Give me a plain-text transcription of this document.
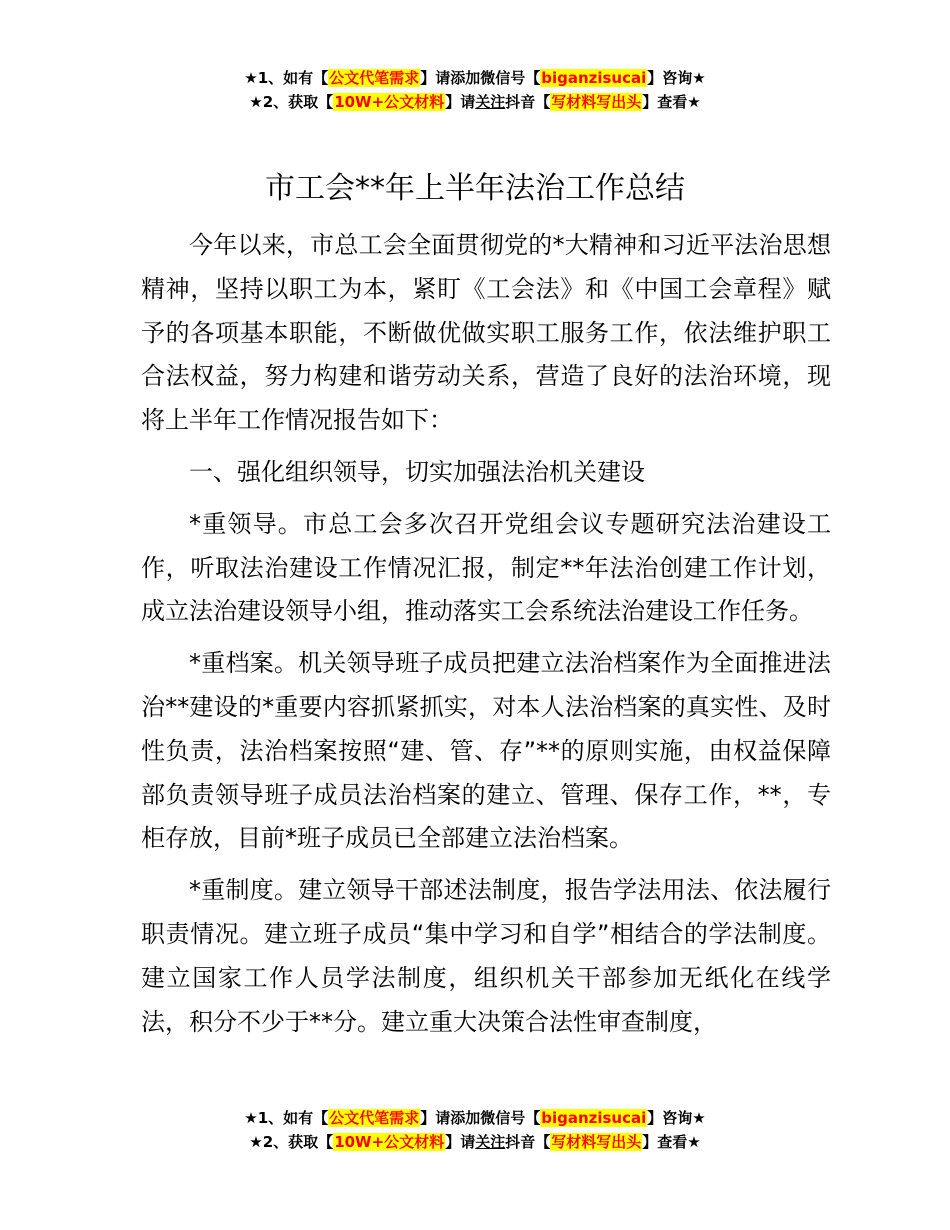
★1、如有【公文代笔需求】请添加微信号【biganzisucai】咨询★
★2、获取【10W+公文材料】请关注抖音【写材料写出头】查看★
市工会**年上半年法治工作总结

今年以来，市总工会全面贯彻党的*大精神和习近平法治思想精神，坚持以职工为本，紧盯《工会法》和《中国工会章程》赋予的各项基本职能，不断做优做实职工服务工作，依法维护职工合法权益，努力构建和谐劳动关系，营造了良好的法治环境，现将上半年工作情况报告如下：

一、强化组织领导，切实加强法治机关建设

*重领导。市总工会多次召开党组会议专题研究法治建设工作，听取法治建设工作情况汇报，制定**年法治创建工作计划，成立法治建设领导小组，推动落实工会系统法治建设工作任务。

*重档案。机关领导班子成员把建立法治档案作为全面推进法治**建设的*重要内容抓紧抓实，对本人法治档案的真实性、及时性负责，法治档案按照“建、管、存”**的原则实施，由权益保障部负责领导班子成员法治档案的建立、管理、保存工作，**，专柜存放，目前*班子成员已全部建立法治档案。

*重制度。建立领导干部述法制度，报告学法用法、依法履行职责情况。建立班子成员“集中学习和自学”相结合的学法制度。建立国家工作人员学法制度，组织机关干部参加无纸化在线学法，积分不少于**分。建立重大决策合法性审查制度，

★1、如有【公文代笔需求】请添加微信号【biganzisucai】咨询★
★2、获取【10W+公文材料】请关注抖音【写材料写出头】查看★
